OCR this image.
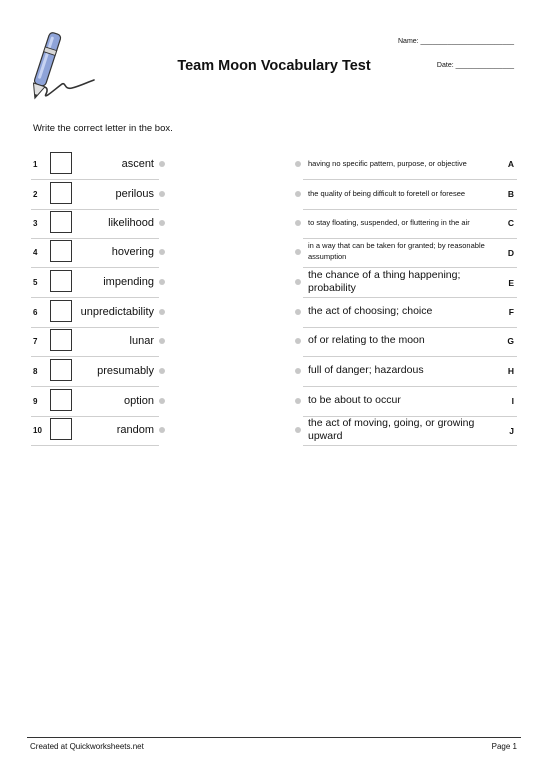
Team Moon Vocabulary Test
Name: ________________________
Date: _______________
Write the correct letter in the box.
1	ascent
2	perilous
3	likelihood
4	hovering
5	impending
6	unpredictability
7	lunar
8	presumably
9	option
10	random
having no specific pattern, purpose, or objective	A
the quality of being difficult to foretell or foresee	B
to stay floating, suspended, or fluttering in the air	C
in a way that can be taken for granted; by reasonable assumption	D
the chance of a thing happening; probability	E
the act of choosing; choice	F
of or relating to the moon	G
full of danger; hazardous	H
to be about to occur	I
the act of moving, going, or growing upward	J
Created at Quickworksheets.net	Page 1
